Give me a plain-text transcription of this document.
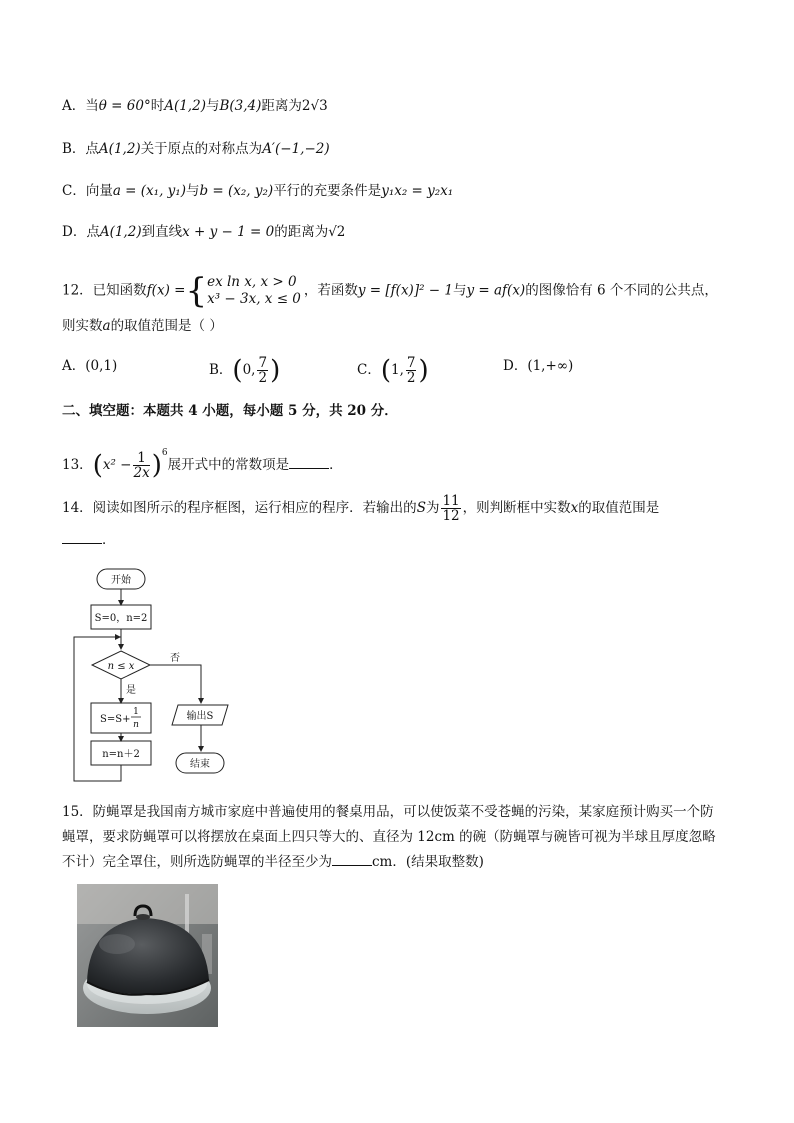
A．当θ = 60°时A(1,2)与B(3,4)距离为2√3
B．点A(1,2)关于原点的对称点为A′(−1,−2)
C．向量a = (x₁, y₁)与b = (x₂, y₂)平行的充要条件是y₁x₂ = y₂x₁
D．点A(1,2)到直线x + y − 1 = 0的距离为√2
12．已知函数f(x) ={ ex ln x, x > 0
x³ − 3x, x ≤ 0
，若函数y = [f(x)]² − 1与y = af(x)的图像恰有 6 个不同的公共点，
则实数a的取值范围是（ ）
A．(0,1)	B．(0, $\frac{7}{2}$ )	C．(1, $\frac{7}{2}$ )	D．(1,+∞)
二、填空题：本题共 4 小题，每小题 5 分，共 20 分．
13．$(x^2 - \frac{1}{2x} )^6$展开式中的常数项是	．
14．阅读如图所示的程序框图，运行相应的程序．若输出的S为 $\frac{11}{12}$ ，则判断框中实数x的取值范围是
．
开始
S=0，n=2
n ≤ x
否
是
S=S+
1
n
n=n＋2
输出S
结束
15．防蝇罩是我国南方城市家庭中普遍使用的餐桌用品，可以使饭菜不受苍蝇的污染，某家庭预计购买一个防
蝇罩，要求防蝇罩可以将摆放在桌面上四只等大的、直径为 12cm 的碗（防蝇罩与碗皆可视为半球且厚度忽略
不计）完全罩住，则所选防蝇罩的半径至少为	cm．(结果取整数)
